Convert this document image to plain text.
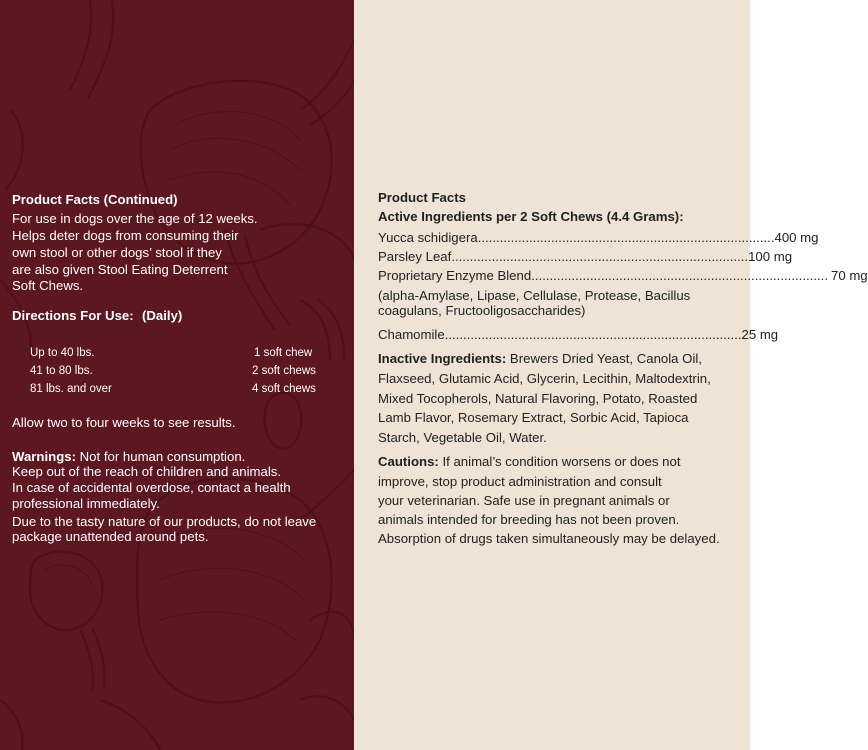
Product Facts (Continued)
For use in dogs over the age of 12 weeks.
Helps deter dogs from consuming their
own stool or other dogs’ stool if they
are also given Stool Eating Deterrent
Soft Chews.
Directions For Use: (Daily)
Up to 40 lbs.	1 soft chew
41 to 80 lbs.	2 soft chews
81 lbs. and over	4 soft chews
Allow two to four weeks to see results.
Warnings: Not for human consumption.
Keep out of the reach of children and animals.
In case of accidental overdose, contact a health
professional immediately.
Due to the tasty nature of our products, do not leave
package unattended around pets.
Product Facts
Active Ingredients per 2 Soft Chews (4.4 Grams):
Yucca schidigera ................................................................................. 400 mg
Parsley Leaf ................................................................................. 100 mg
Proprietary Enzyme Blend ................................................................................. 70 mg
(alpha-Amylase, Lipase, Cellulase, Protease, Bacillus
coagulans, Fructooligosaccharides)
Chamomile ................................................................................. 25 mg
Inactive Ingredients: Brewers Dried Yeast, Canola Oil,
Flaxseed, Glutamic Acid, Glycerin, Lecithin, Maltodextrin,
Mixed Tocopherols, Natural Flavoring, Potato, Roasted
Lamb Flavor, Rosemary Extract, Sorbic Acid, Tapioca
Starch, Vegetable Oil, Water.
Cautions: If animal’s condition worsens or does not
improve, stop product administration and consult
your veterinarian. Safe use in pregnant animals or
animals intended for breeding has not been proven.
Absorption of drugs taken simultaneously may be delayed.
